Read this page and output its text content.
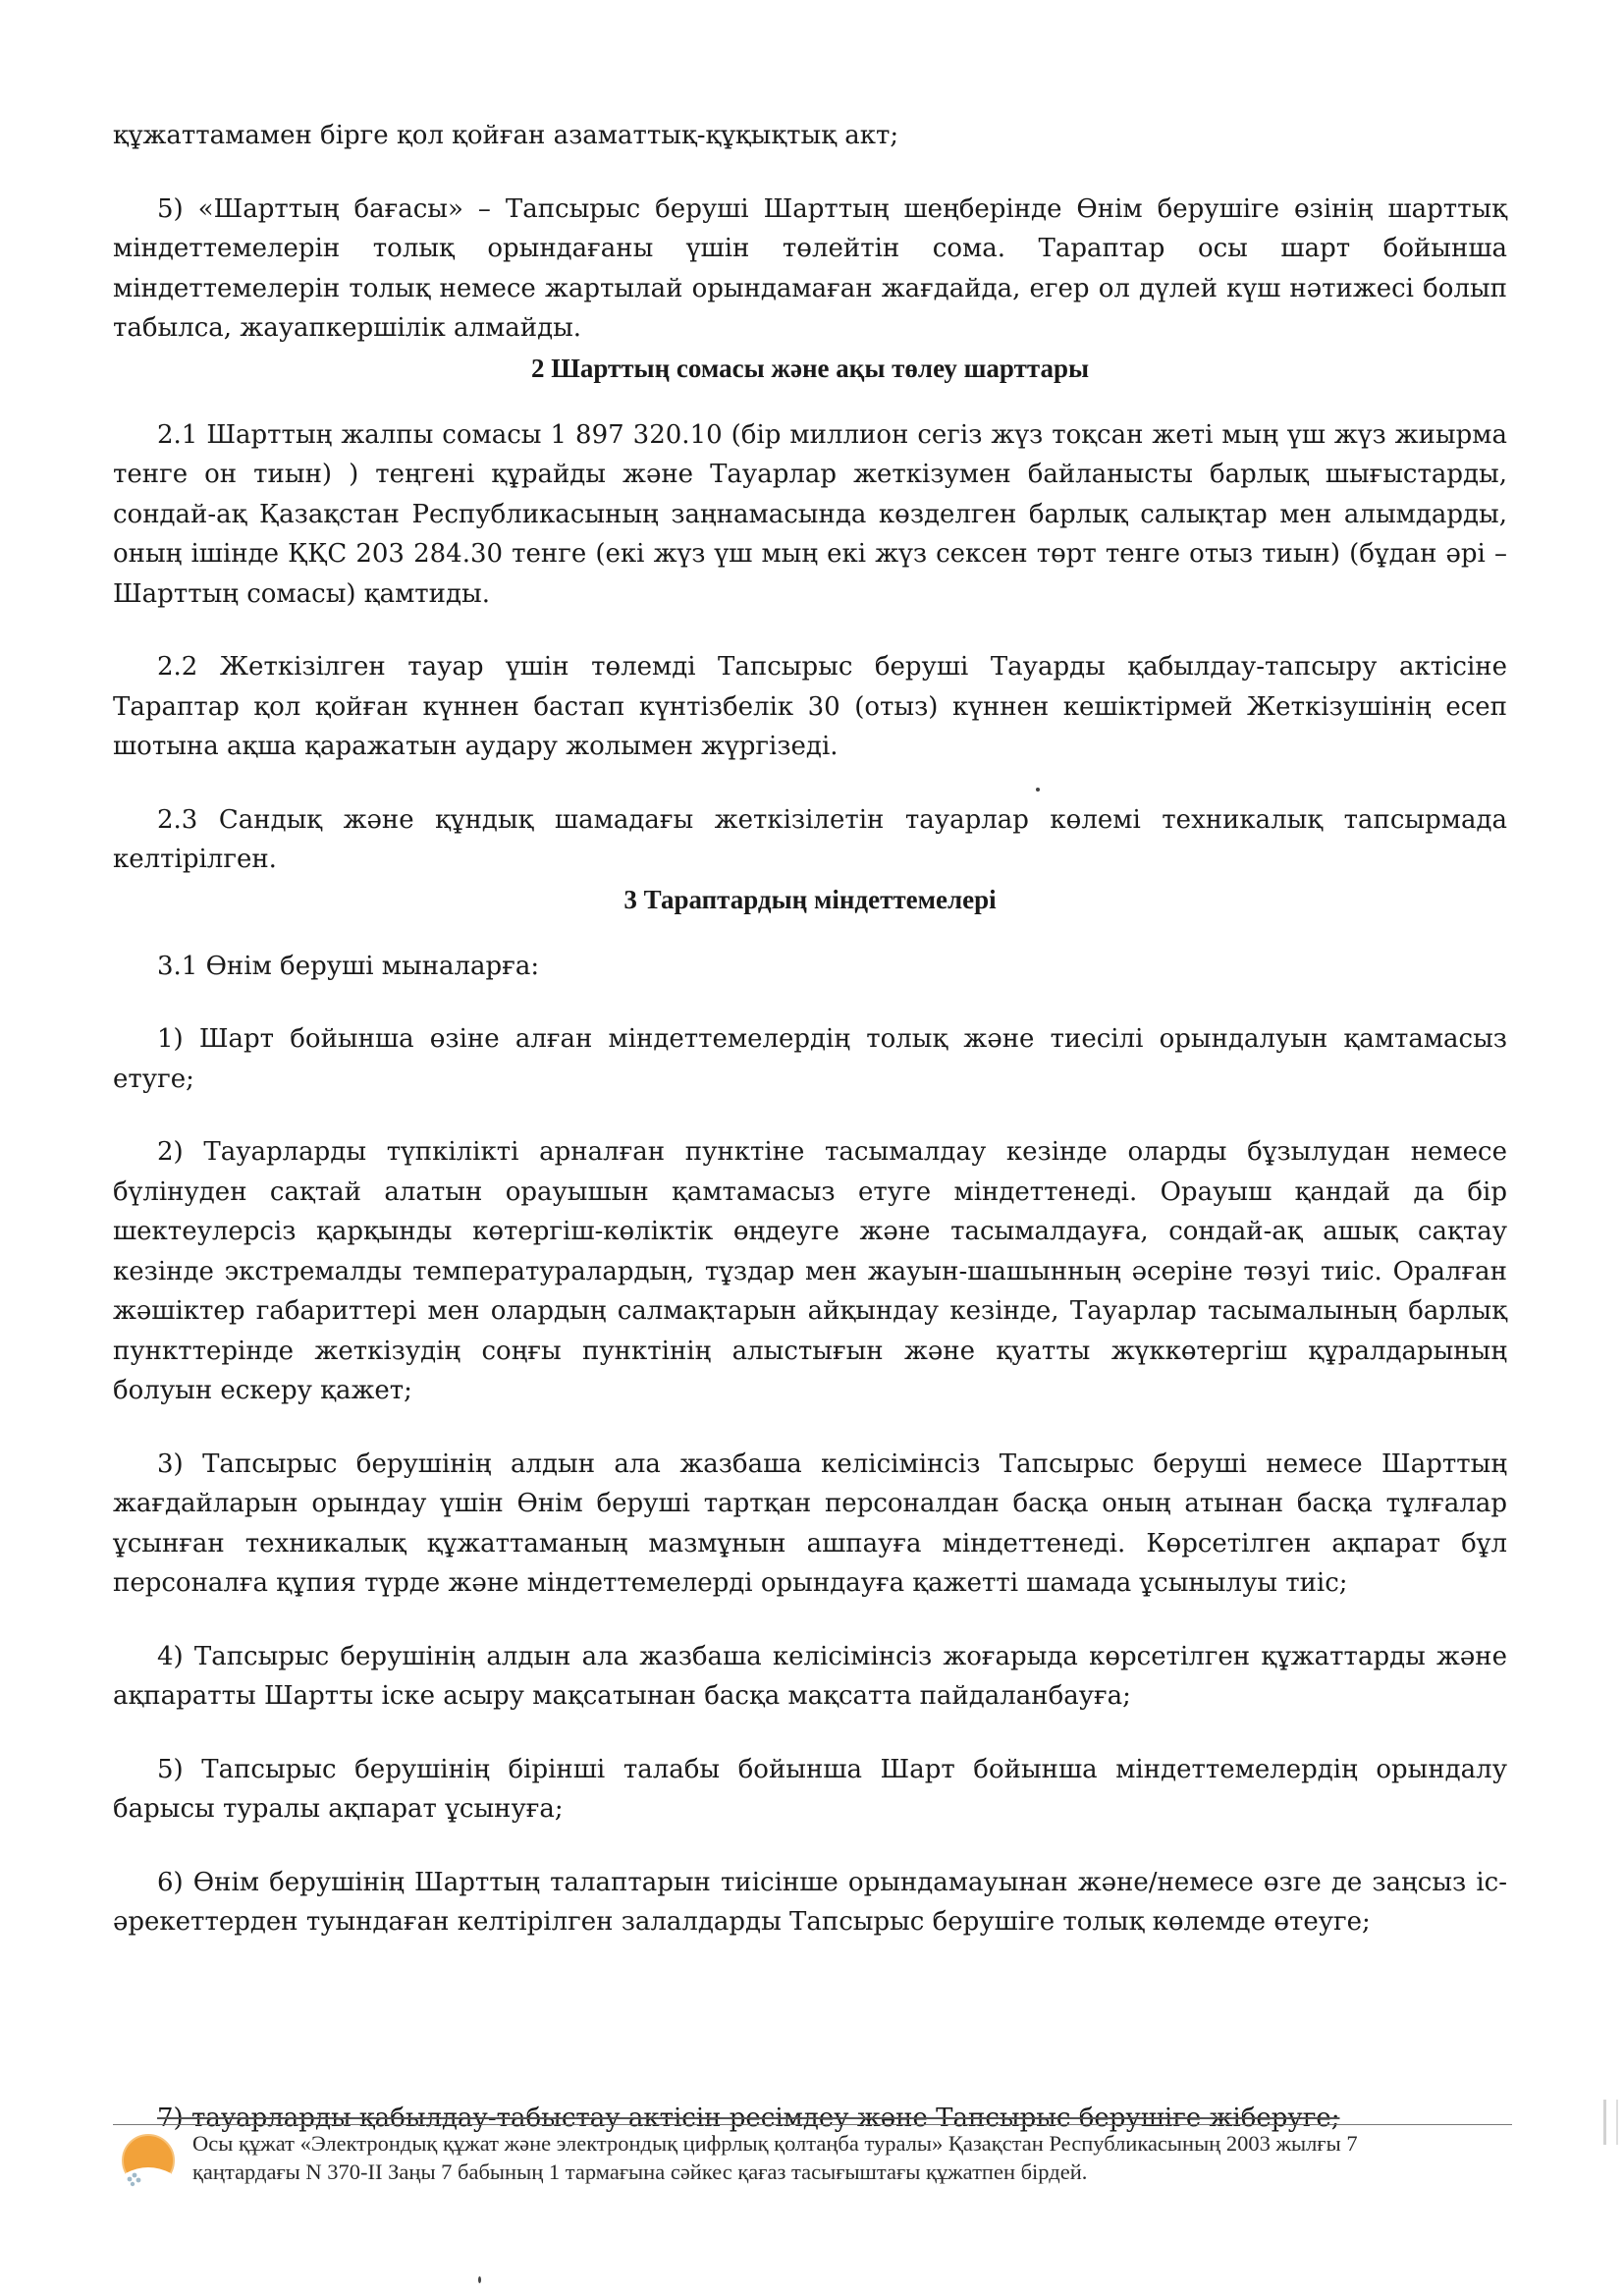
құжаттамамен бірге қол қойған азаматтық-құқықтық акт;

5) «Шарттың бағасы» – Тапсырыс беруші Шарттың шеңберінде Өнім берушіге өзінің шарттық міндеттемелерін толық орындағаны үшін төлейтін сома. Тараптар осы шарт бойынша міндеттемелерін толық немесе жартылай орындамаған жағдайда, егер ол дүлей күш нәтижесі болып табылса, жауапкершілік алмайды.

2 Шарттың сомасы және ақы төлеу шарттары

2.1 Шарттың жалпы сомасы 1 897 320.10 (бір миллион сегіз жүз тоқсан жеті мың үш жүз жиырма тенге он тиын) ) теңгені құрайды және Тауарлар жеткізумен байланысты барлық шығыстарды, сондай-ақ Қазақстан Республикасының заңнамасында көзделген барлық салықтар мен алымдарды, оның ішінде ҚҚС 203 284.30 тенге (екі жүз үш мың екі жүз сексен төрт тенге отыз тиын) (бұдан әрі – Шарттың сомасы) қамтиды.

2.2 Жеткізілген тауар үшін төлемді Тапсырыс беруші Тауарды қабылдау-тапсыру актісіне Тараптар қол қойған күннен бастап күнтізбелік 30 (отыз) күннен кешіктірмей Жеткізушінің есеп шотына ақша қаражатын аудару жолымен жүргізеді.

2.3 Сандық және құндық шамадағы жеткізілетін тауарлар көлемі техникалық тапсырмада келтірілген.

3 Тараптардың міндеттемелері

3.1 Өнім беруші мыналарға:

1) Шарт бойынша өзіне алған міндеттемелердің толық және тиесілі орындалуын қамтамасыз етуге;

2) Тауарларды түпкілікті арналған пунктіне тасымалдау кезінде оларды бұзылудан немесе бүлінуден сақтай алатын орауышын қамтамасыз етуге міндеттенеді. Орауыш қандай да бір шектеулерсіз қарқынды көтергіш-көліктік өңдеуге және тасымалдауға, сондай-ақ ашық сақтау кезінде экстремалды температуралардың, тұздар мен жауын-шашынның әсеріне төзуі тиіс. Оралған жәшіктер габариттері мен олардың салмақтарын айқындау кезінде, Тауарлар тасымалының барлық пункттерінде жеткізудің соңғы пунктінің алыстығын және қуатты жүккөтергіш құралдарының болуын ескеру қажет;

3) Тапсырыс берушінің алдын ала жазбаша келісімінсіз Тапсырыс беруші немесе Шарттың жағдайларын орындау үшін Өнім беруші тартқан персоналдан басқа оның атынан басқа тұлғалар ұсынған техникалық құжаттаманың мазмұнын ашпауға міндеттенеді. Көрсетілген ақпарат бұл персоналға құпия түрде және міндеттемелерді орындауға қажетті шамада ұсынылуы тиіс;

4) Тапсырыс берушінің алдын ала жазбаша келісімінсіз жоғарыда көрсетілген құжаттарды және ақпаратты Шартты іске асыру мақсатынан басқа мақсатта пайдаланбауға;

5) Тапсырыс берушінің бірінші талабы бойынша Шарт бойынша міндеттемелердің орындалу барысы туралы ақпарат ұсынуға;

6) Өнім берушінің Шарттың талаптарын тиісінше орындамауынан және/немесе өзге де заңсыз іс-әрекеттерден туындаған келтірілген залалдарды Тапсырыс берушіге толық көлемде өтеуге;

7) тауарларды қабылдау-табыстау актісін ресімдеу және Тапсырыс берушіге жіберуге;

Осы құжат «Электрондық құжат және электрондық цифрлық қолтаңба туралы» Қазақстан Республикасының 2003 жылғы 7 қаңтардағы N 370-II Заңы 7 бабының 1 тармағына сәйкес қағаз тасығыштағы құжатпен бірдей.
